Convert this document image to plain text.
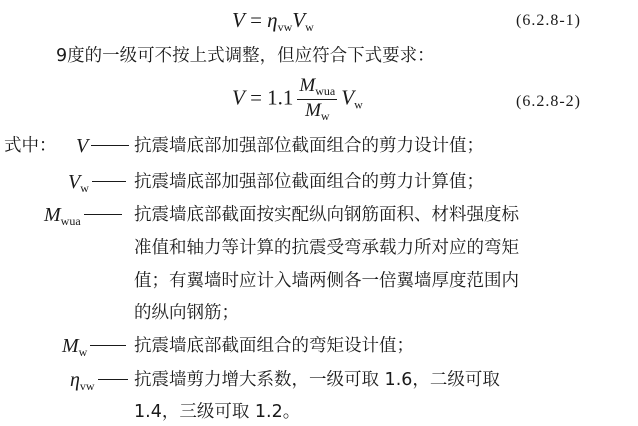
$V = \eta_{vw}V_w$	(6.2.8-1)
9度的一级可不按上式调整，但应符合下式要求：
$V = 1.1 \frac{M_{wua}}{M_w} V_w$	(6.2.8-2)
式中： V	抗震墙底部加强部位截面组合的剪力设计值；
$V_w$	抗震墙底部加强部位截面组合的剪力计算值；
$M_{wua}$	抗震墙底部截面按实配纵向钢筋面积、材料强度标
准值和轴力等计算的抗震受弯承载力所对应的弯矩
值；有翼墙时应计入墙两侧各一倍翼墙厚度范围内
的纵向钢筋；
$M_w$	抗震墙底部截面组合的弯矩设计值；
$\eta_{vw}$	抗震墙剪力增大系数，一级可取 1.6，二级可取
1.4，三级可取 1.2。
